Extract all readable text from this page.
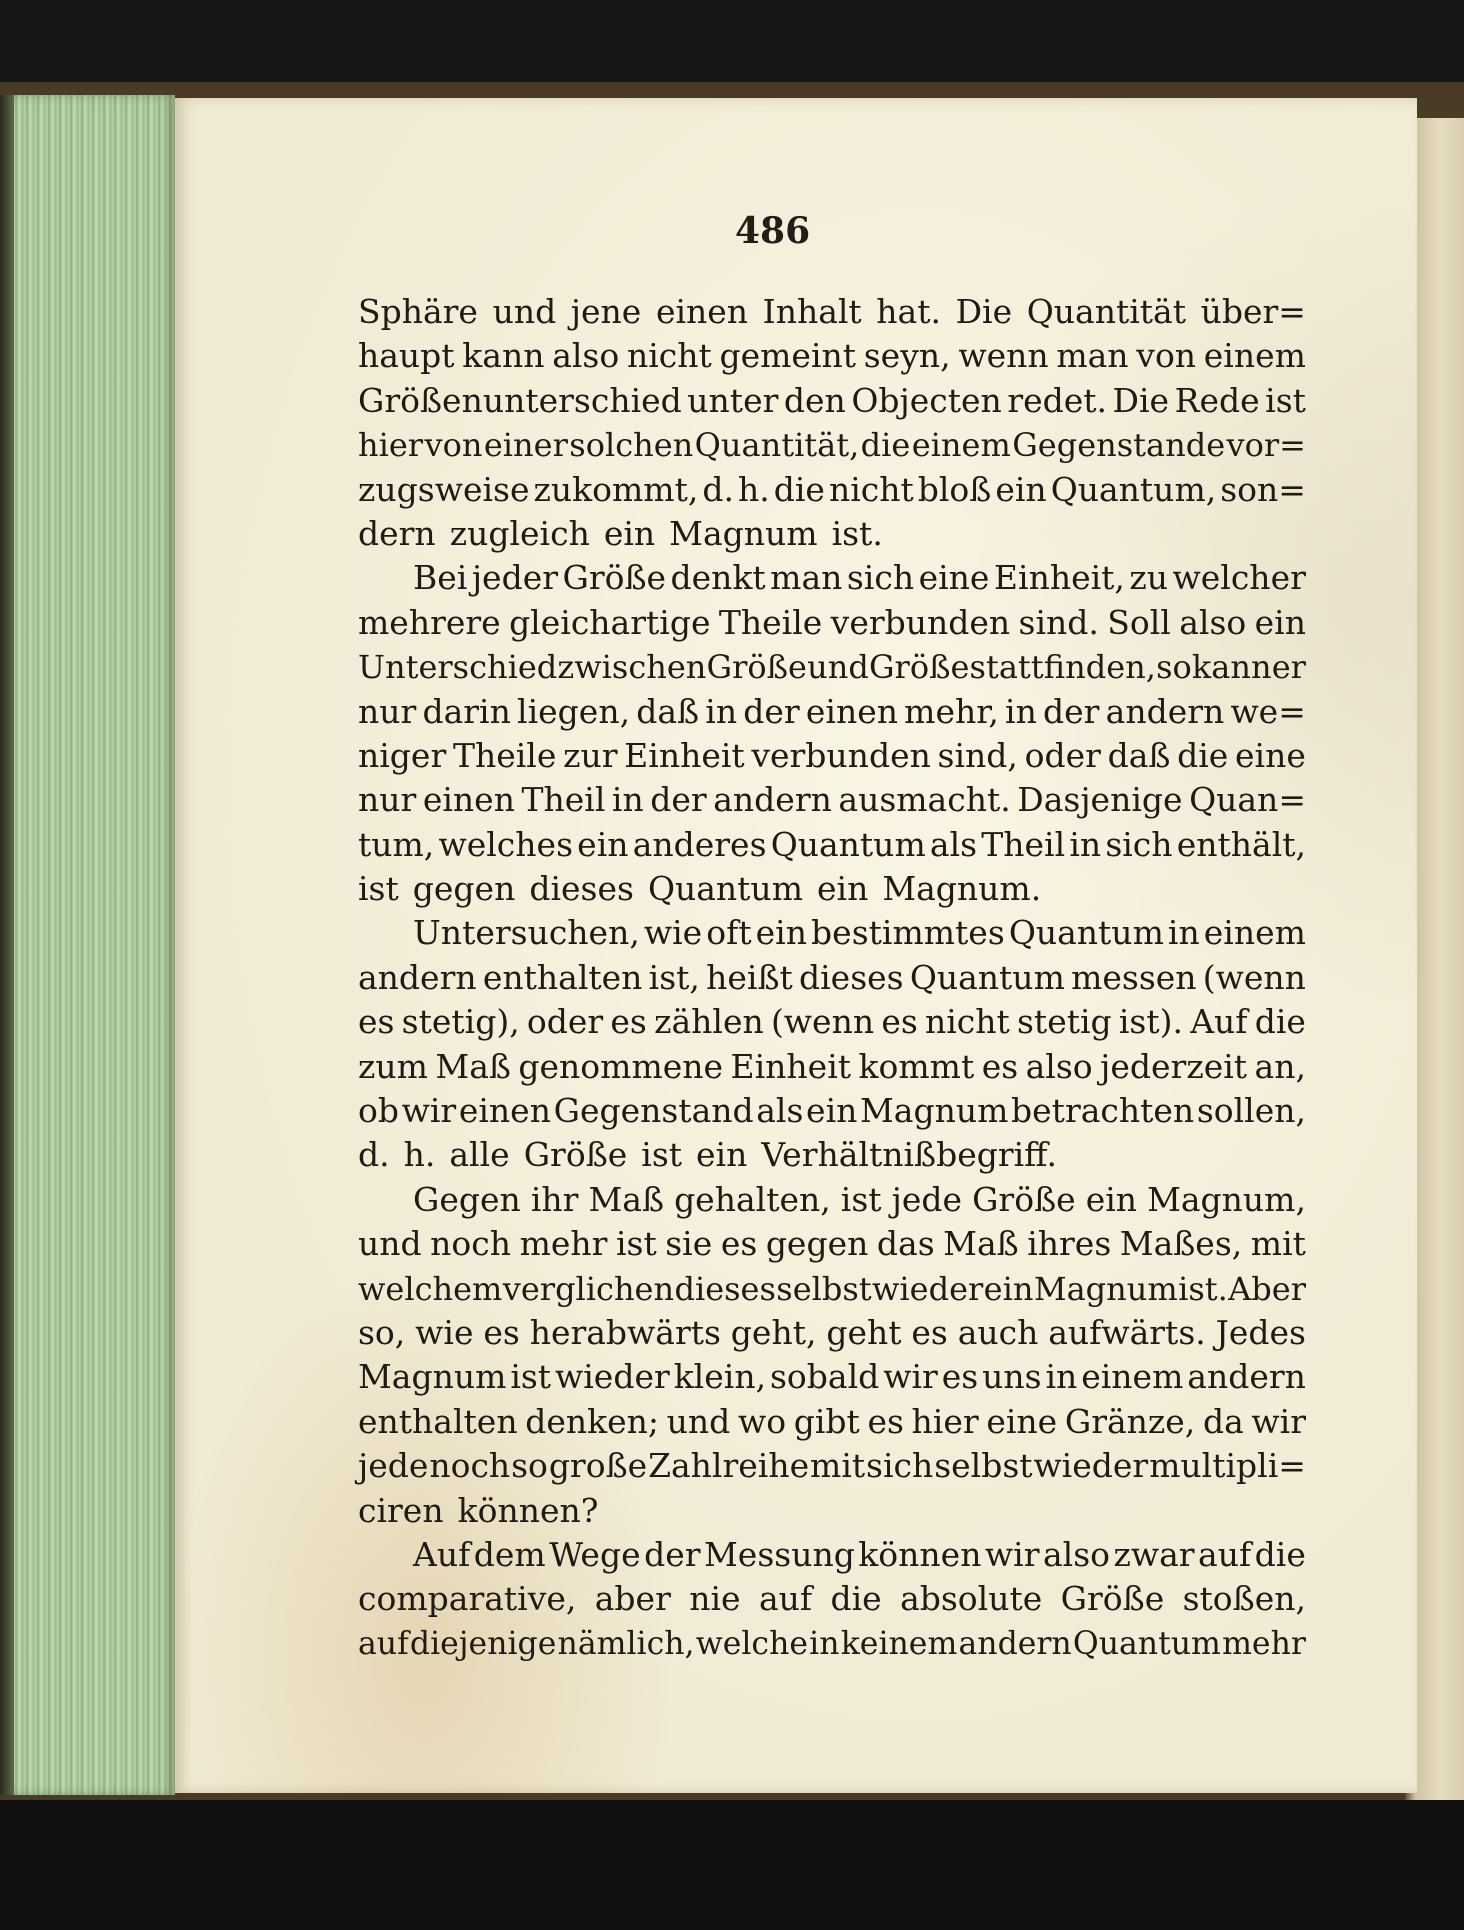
486
Sphäre und jene einen Inhalt hat. Die Quantität über=
haupt kann also nicht gemeint seyn, wenn man von einem
Größenunterschied unter den Objecten redet. Die Rede ist
hier von einer solchen Quantität, die einem Gegenstande vor=
zugsweise zukommt, d. h. die nicht bloß ein Quantum, son=
dern zugleich ein Magnum ist.
Bei jeder Größe denkt man sich eine Einheit, zu welcher
mehrere gleichartige Theile verbunden sind. Soll also ein
Unterschied zwischen Größe und Größe statt finden, so kann er
nur darin liegen, daß in der einen mehr, in der andern we=
niger Theile zur Einheit verbunden sind, oder daß die eine
nur einen Theil in der andern ausmacht. Dasjenige Quan=
tum, welches ein anderes Quantum als Theil in sich enthält,
ist gegen dieses Quantum ein Magnum.
Untersuchen, wie oft ein bestimmtes Quantum in einem
andern enthalten ist, heißt dieses Quantum messen (wenn
es stetig), oder es zählen (wenn es nicht stetig ist). Auf die
zum Maß genommene Einheit kommt es also jederzeit an,
ob wir einen Gegenstand als ein Magnum betrachten sollen,
d. h. alle Größe ist ein Verhältnißbegriff.
Gegen ihr Maß gehalten, ist jede Größe ein Magnum,
und noch mehr ist sie es gegen das Maß ihres Maßes, mit
welchem verglichen dieses selbst wieder ein Magnum ist. Aber
so, wie es herabwärts geht, geht es auch aufwärts. Jedes
Magnum ist wieder klein, sobald wir es uns in einem andern
enthalten denken; und wo gibt es hier eine Gränze, da wir
jede noch so große Zahlreihe mit sich selbst wieder multipli=
ciren können?
Auf dem Wege der Messung können wir also zwar auf die
comparative, aber nie auf die absolute Größe stoßen,
auf diejenige nämlich, welche in keinem andern Quantum mehr
